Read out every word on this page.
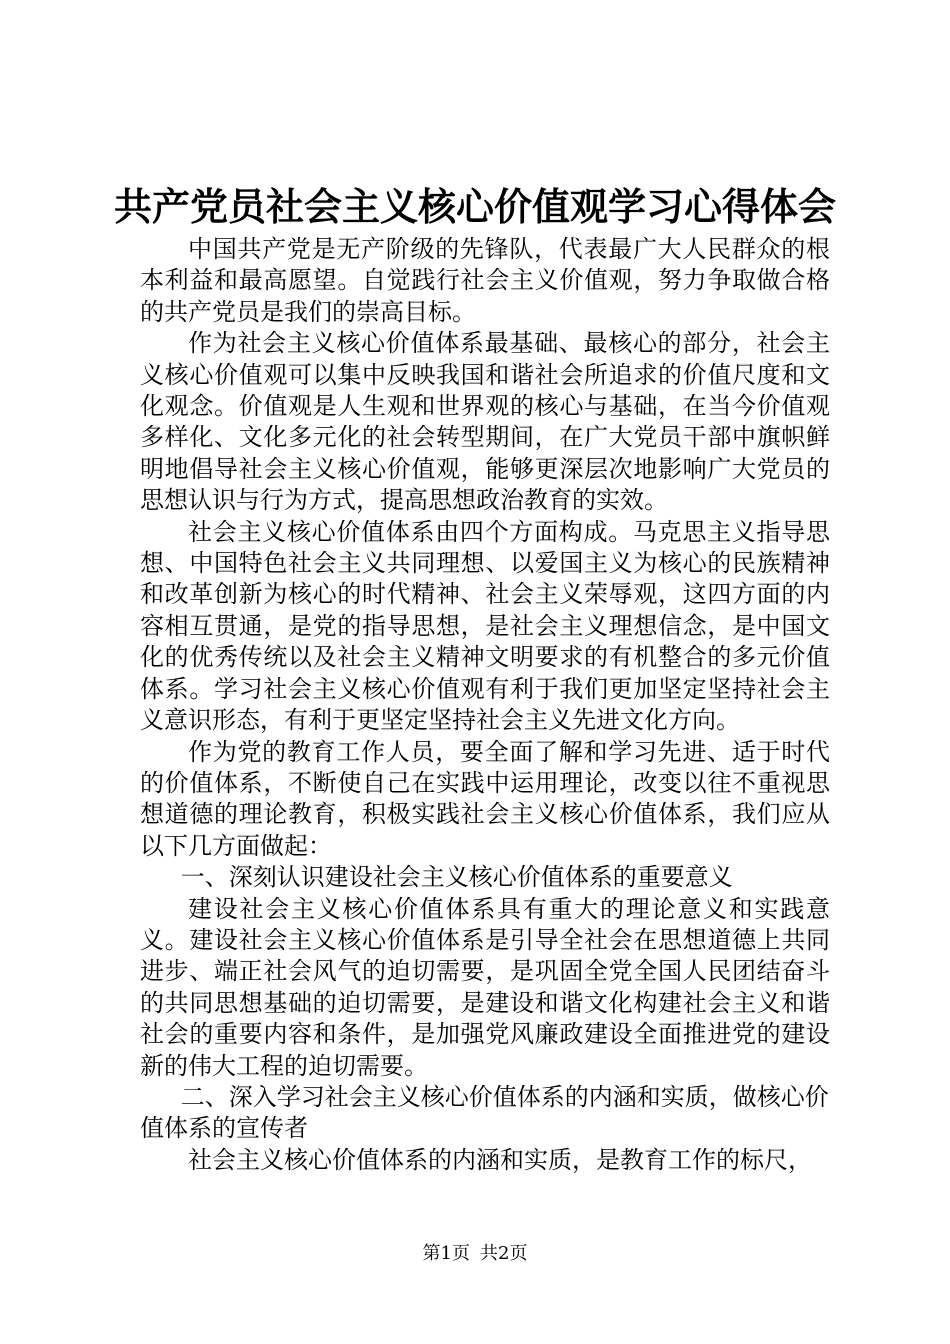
共产党员社会主义核心价值观学习心得体会

中国共产党是无产阶级的先锋队，代表最广大人民群众的根本利益和最高愿望。自觉践行社会主义价值观，努力争取做合格的共产党员是我们的崇高目标。

作为社会主义核心价值体系最基础、最核心的部分，社会主义核心价值观可以集中反映我国和谐社会所追求的价值尺度和文化观念。价值观是人生观和世界观的核心与基础，在当今价值观多样化、文化多元化的社会转型期间，在广大党员干部中旗帜鲜明地倡导社会主义核心价值观，能够更深层次地影响广大党员的思想认识与行为方式，提高思想政治教育的实效。

社会主义核心价值体系由四个方面构成。马克思主义指导思想、中国特色社会主义共同理想、以爱国主义为核心的民族精神和改革创新为核心的时代精神、社会主义荣辱观，这四方面的内容相互贯通，是党的指导思想，是社会主义理想信念，是中国文化的优秀传统以及社会主义精神文明要求的有机整合的多元价值体系。学习社会主义核心价值观有利于我们更加坚定坚持社会主义意识形态，有利于更坚定坚持社会主义先进文化方向。

作为党的教育工作人员，要全面了解和学习先进、适于时代的价值体系，不断使自己在实践中运用理论，改变以往不重视思想道德的理论教育，积极实践社会主义核心价值体系，我们应从以下几方面做起：

一、深刻认识建设社会主义核心价值体系的重要意义

建设社会主义核心价值体系具有重大的理论意义和实践意义。建设社会主义核心价值体系是引导全社会在思想道德上共同进步、端正社会风气的迫切需要，是巩固全党全国人民团结奋斗的共同思想基础的迫切需要，是建设和谐文化构建社会主义和谐社会的重要内容和条件，是加强党风廉政建设全面推进党的建设新的伟大工程的迫切需要。

二、深入学习社会主义核心价值体系的内涵和实质，做核心价值体系的宣传者

社会主义核心价值体系的内涵和实质，是教育工作的标尺，

第1页 共2页
